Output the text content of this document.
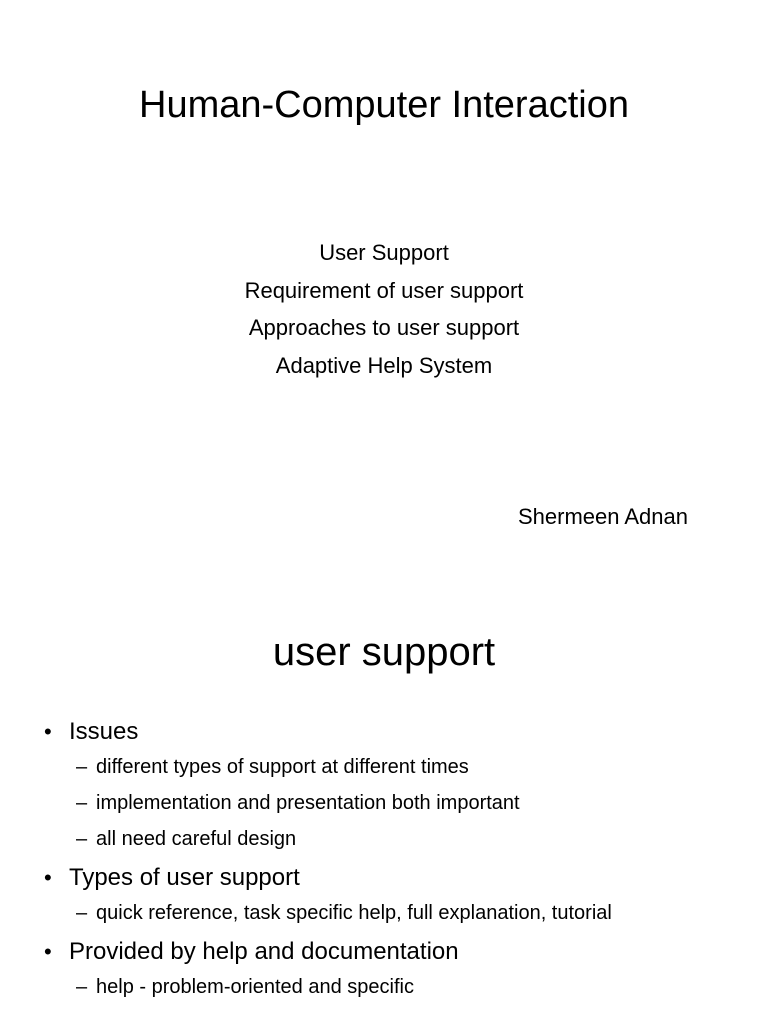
Human-Computer Interaction
User Support
Requirement of user support
Approaches to user support
Adaptive Help System
Shermeen Adnan
user support
• Issues
– different types of support at different times
– implementation and presentation both important
– all need careful design
• Types of user support
– quick reference, task specific help, full explanation, tutorial
• Provided by help and documentation
– help - problem-oriented and specific
